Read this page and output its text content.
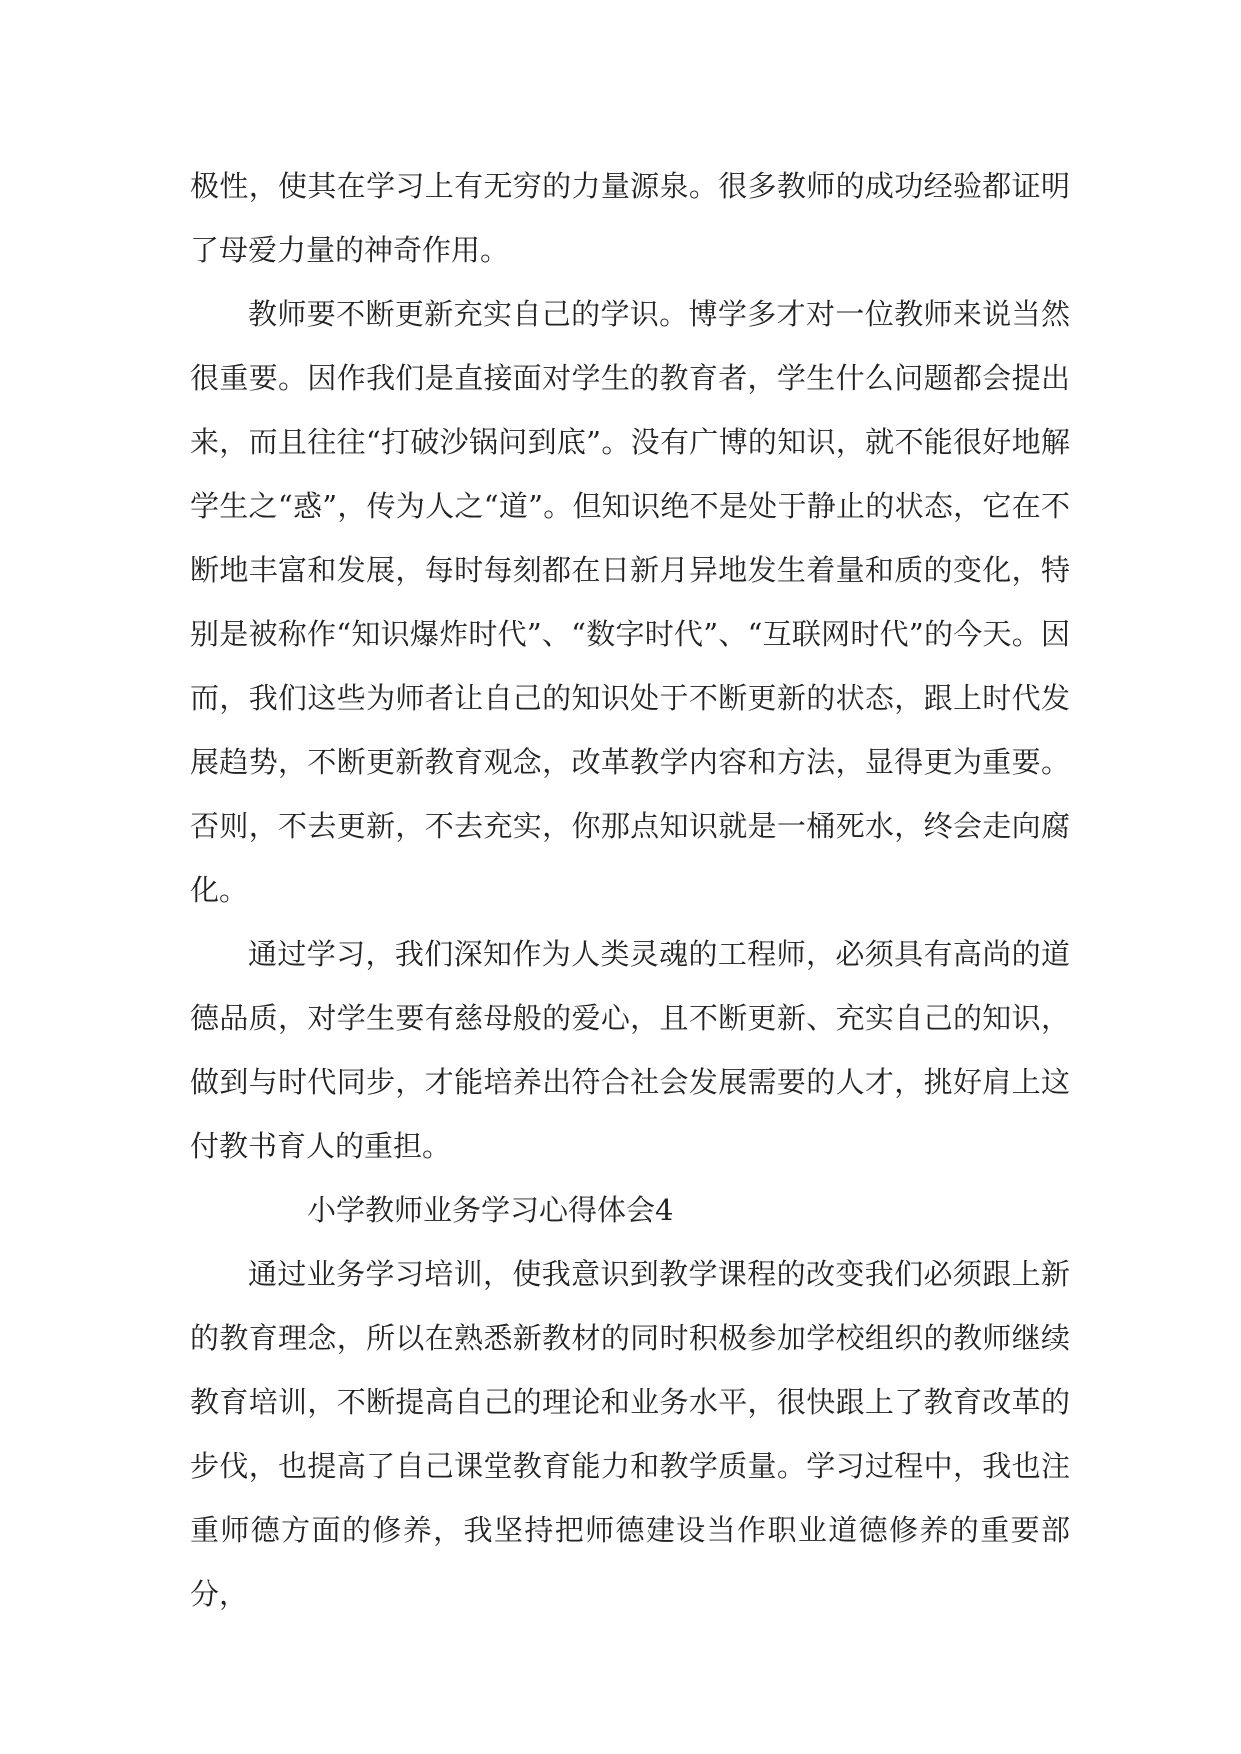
极性，使其在学习上有无穷的力量源泉。很多教师的成功经验都证明了母爱力量的神奇作用。

教师要不断更新充实自己的学识。博学多才对一位教师来说当然很重要。因作我们是直接面对学生的教育者，学生什么问题都会提出来，而且往往“打破沙锅问到底”。没有广博的知识，就不能很好地解学生之“惑”，传为人之“道”。但知识绝不是处于静止的状态，它在不断地丰富和发展，每时每刻都在日新月异地发生着量和质的变化，特别是被称作“知识爆炸时代”、“数字时代”、“互联网时代”的今天。因而，我们这些为师者让自己的知识处于不断更新的状态，跟上时代发展趋势，不断更新教育观念，改革教学内容和方法，显得更为重要。否则，不去更新，不去充实，你那点知识就是一桶死水，终会走向腐化。

通过学习，我们深知作为人类灵魂的工程师，必须具有高尚的道德品质，对学生要有慈母般的爱心，且不断更新、充实自己的知识，做到与时代同步，才能培养出符合社会发展需要的人才，挑好肩上这付教书育人的重担。

小学教师业务学习心得体会4

通过业务学习培训，使我意识到教学课程的改变我们必须跟上新的教育理念，所以在熟悉新教材的同时积极参加学校组织的教师继续教育培训，不断提高自己的理论和业务水平，很快跟上了教育改革的步伐，也提高了自己课堂教育能力和教学质量。学习过程中，我也注重师德方面的修养，我坚持把师德建设当作职业道德修养的重要部分，
